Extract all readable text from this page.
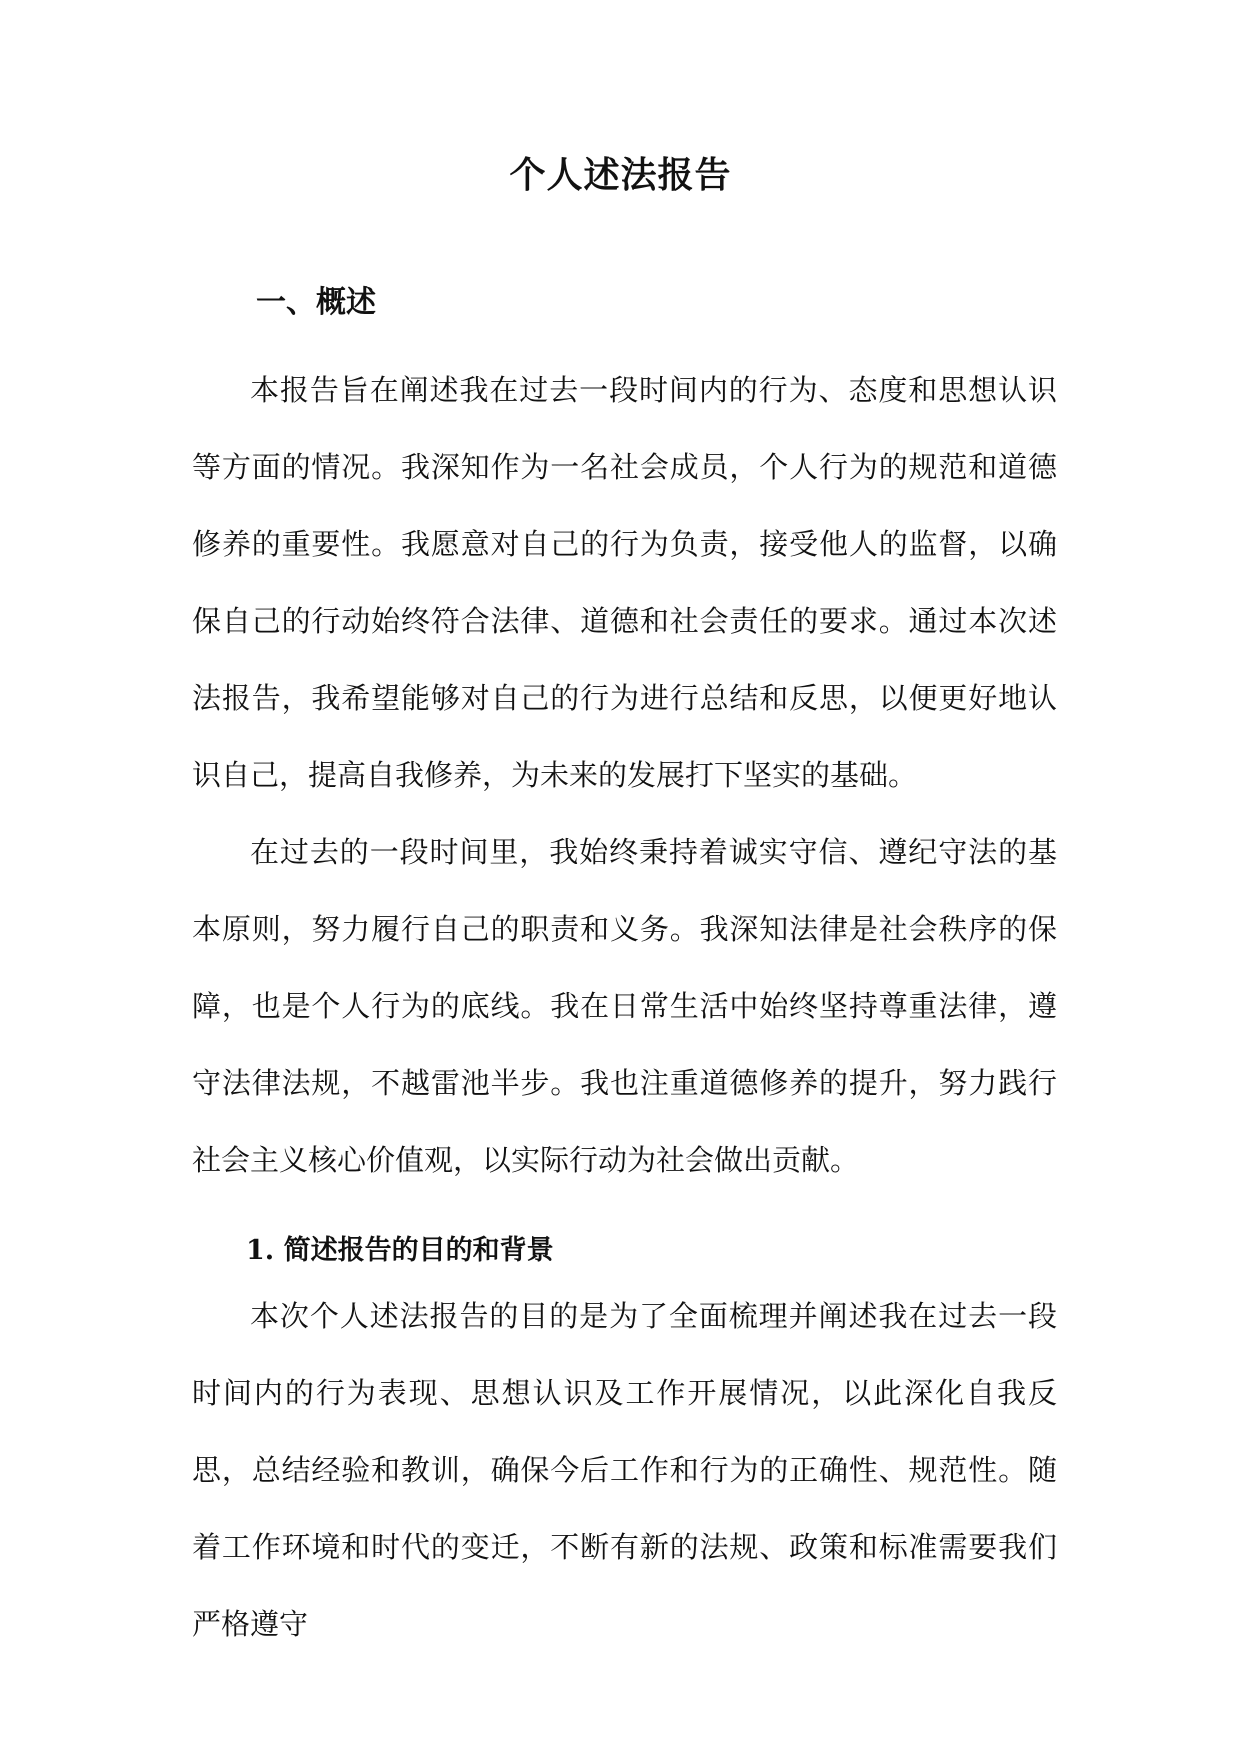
个人述法报告
一、概述

本报告旨在阐述我在过去一段时间内的行为、态度和思想认识等方面的情况。我深知作为一名社会成员，个人行为的规范和道德修养的重要性。我愿意对自己的行为负责，接受他人的监督，以确保自己的行动始终符合法律、道德和社会责任的要求。通过本次述法报告，我希望能够对自己的行为进行总结和反思，以便更好地认识自己，提高自我修养，为未来的发展打下坚实的基础。

在过去的一段时间里，我始终秉持着诚实守信、遵纪守法的基本原则，努力履行自己的职责和义务。我深知法律是社会秩序的保障，也是个人行为的底线。我在日常生活中始终坚持尊重法律，遵守法律法规，不越雷池半步。我也注重道德修养的提升，努力践行社会主义核心价值观，以实际行动为社会做出贡献。

1. 简述报告的目的和背景

本次个人述法报告的目的是为了全面梳理并阐述我在过去一段时间内的行为表现、思想认识及工作开展情况，以此深化自我反思，总结经验和教训，确保今后工作和行为的正确性、规范性。随着工作环境和时代的变迁，不断有新的法规、政策和标准需要我们严格遵守
